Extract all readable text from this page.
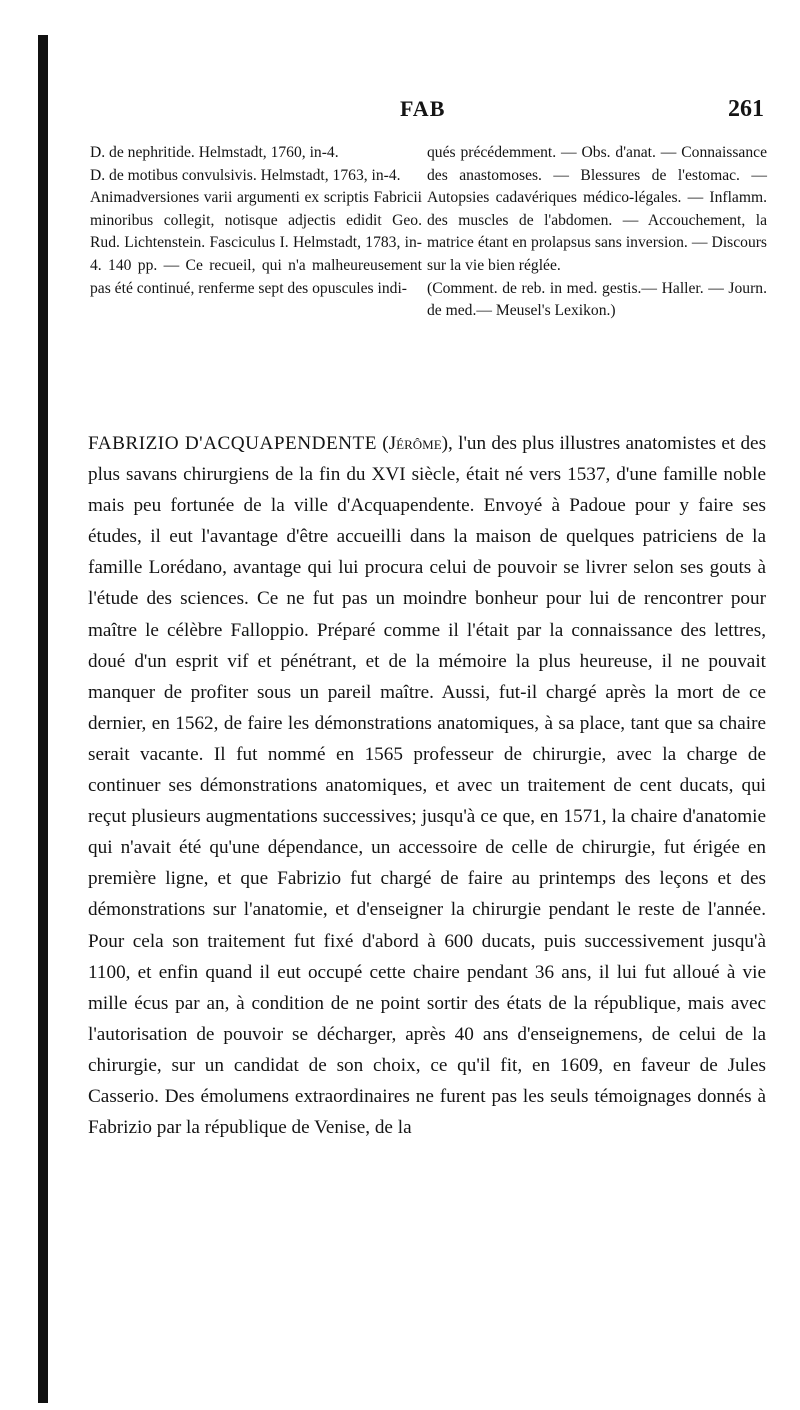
FAB	261

D. de nephritide. Helmstadt, 1760, in-4.

D. de motibus convulsivis. Helmstadt, 1763, in-4.

Animadversiones varii argumenti ex scriptis Fabricii minoribus collegit, notisque adjectis edidit Geo. Rud. Lichtenstein. Fasciculus I. Helmstadt, 1783, in-4. 140 pp. — Ce recueil, qui n'a malheureusement pas été continué, renferme sept des opuscules indi-

qués précédemment. — Obs. d'anat. — Connaissance des anastomoses. — Blessures de l'estomac. — Autopsies cadavériques médico-légales. — Inflamm. des muscles de l'abdomen. — Accouchement, la matrice étant en prolapsus sans inversion. — Discours sur la vie bien réglée.

(Comment. de reb. in med. gestis.— Haller. — Journ. de med.— Meusel's Lexikon.)

FABRIZIO D'ACQUAPENDENTE (Jérôme), l'un des plus illustres anatomistes et des plus savans chirurgiens de la fin du XVI siècle, était né vers 1537, d'une famille noble mais peu fortunée de la ville d'Acquapendente. Envoyé à Padoue pour y faire ses études, il eut l'avantage d'être accueilli dans la maison de quelques patriciens de la famille Lorédano, avantage qui lui procura celui de pouvoir se livrer selon ses gouts à l'étude des sciences. Ce ne fut pas un moindre bonheur pour lui de rencontrer pour maître le célèbre Falloppio. Préparé comme il l'était par la connaissance des lettres, doué d'un esprit vif et pénétrant, et de la mémoire la plus heureuse, il ne pouvait manquer de profiter sous un pareil maître. Aussi, fut-il chargé après la mort de ce dernier, en 1562, de faire les démonstrations anatomiques, à sa place, tant que sa chaire serait vacante. Il fut nommé en 1565 professeur de chirurgie, avec la charge de continuer ses démonstrations anatomiques, et avec un traitement de cent ducats, qui reçut plusieurs augmentations successives; jusqu'à ce que, en 1571, la chaire d'anatomie qui n'avait été qu'une dépendance, un accessoire de celle de chirurgie, fut érigée en première ligne, et que Fabrizio fut chargé de faire au printemps des leçons et des démonstrations sur l'anatomie, et d'enseigner la chirurgie pendant le reste de l'année. Pour cela son traitement fut fixé d'abord à 600 ducats, puis successivement jusqu'à 1100, et enfin quand il eut occupé cette chaire pendant 36 ans, il lui fut alloué à vie mille écus par an, à condition de ne point sortir des états de la république, mais avec l'autorisation de pouvoir se décharger, après 40 ans d'enseignemens, de celui de la chirurgie, sur un candidat de son choix, ce qu'il fit, en 1609, en faveur de Jules Casserio. Des émolumens extraordinaires ne furent pas les seuls témoignages donnés à Fabrizio par la république de Venise, de la
